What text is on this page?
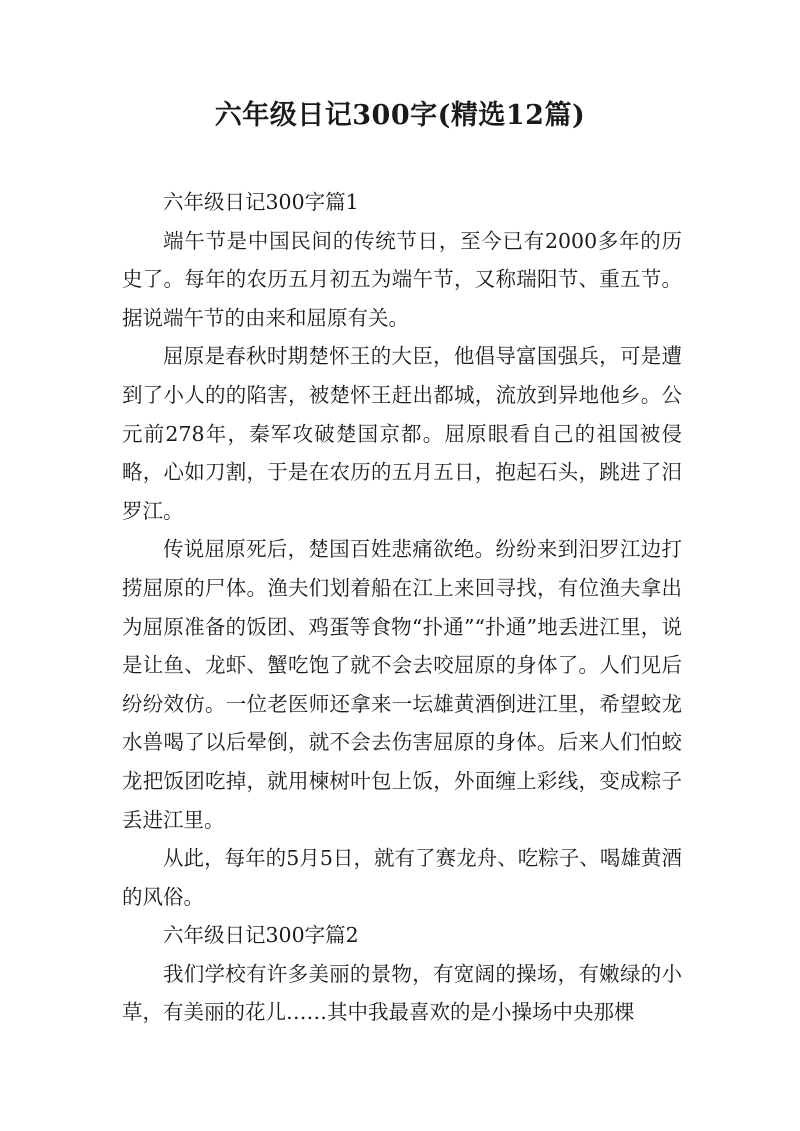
六年级日记300字(精选12篇)

六年级日记300字篇1

端午节是中国民间的传统节日，至今已有2000多年的历史了。每年的农历五月初五为端午节，又称瑞阳节、重五节。据说端午节的由来和屈原有关。

屈原是春秋时期楚怀王的大臣，他倡导富国强兵，可是遭到了小人的的陷害，被楚怀王赶出都城，流放到异地他乡。公元前278年，秦军攻破楚国京都。屈原眼看自己的祖国被侵略，心如刀割，于是在农历的五月五日，抱起石头，跳进了汨罗江。

传说屈原死后，楚国百姓悲痛欲绝。纷纷来到汨罗江边打捞屈原的尸体。渔夫们划着船在江上来回寻找，有位渔夫拿出为屈原准备的饭团、鸡蛋等食物“扑通”“扑通”地丢进江里，说是让鱼、龙虾、蟹吃饱了就不会去咬屈原的身体了。人们见后纷纷效仿。一位老医师还拿来一坛雄黄酒倒进江里，希望蛟龙水兽喝了以后晕倒，就不会去伤害屈原的身体。后来人们怕蛟龙把饭团吃掉，就用楝树叶包上饭，外面缠上彩线，变成粽子丢进江里。

从此，每年的5月5日，就有了赛龙舟、吃粽子、喝雄黄酒的风俗。

六年级日记300字篇2

我们学校有许多美丽的景物，有宽阔的操场，有嫩绿的小草，有美丽的花儿……其中我最喜欢的是小操场中央那棵
